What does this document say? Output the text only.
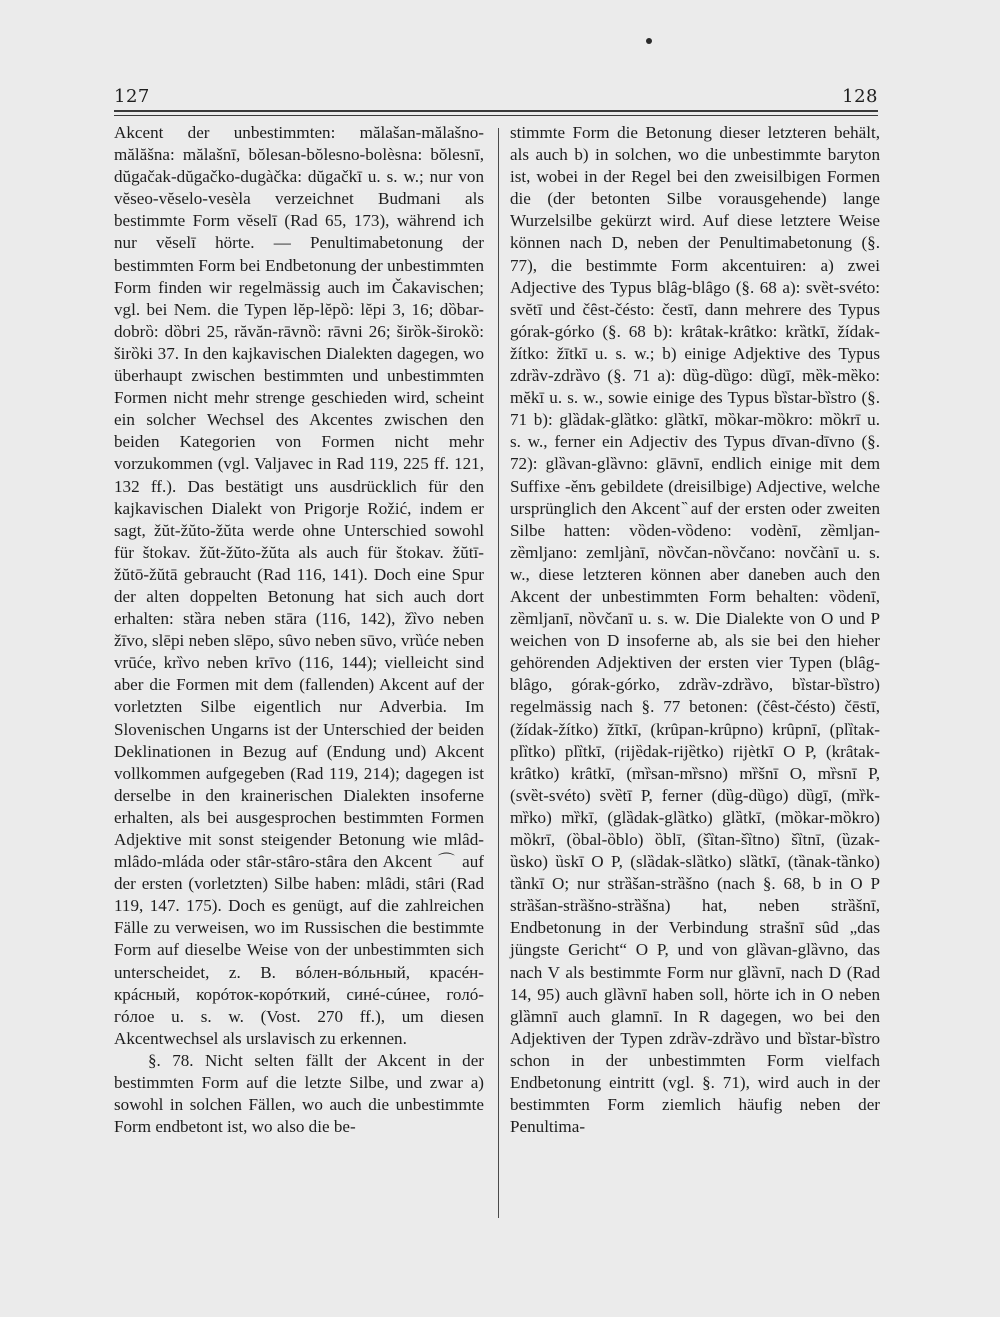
127	128

Akcent der unbestimmten: mălašan-mălašno-mălăšna: mălašnī, bŏlesan-bŏlesno-bolèsna: bŏlesnī, dŭgačak-dŭgačko-dugàčka: dŭgačkī u. s. w.; nur von vĕseo-vĕselo-vesèla verzeichnet Budmani als bestimmte Form vĕselī (Rad 65, 173), während ich nur vĕselī hörte. — Penultimabetonung der bestimmten Form bei Endbetonung der unbestimmten Form finden wir regelmässig auch im Čakavischen; vgl. bei Nem. die Typen lĕp-lĕpȍ: lĕpi 3, 16; dȍbar-dobrȍ: dȍbri 25, răvăn-rāvnȍ: rāvni 26; širȍk-širokȍ: širȍki 37. In den kajkavischen Dialekten dagegen, wo überhaupt zwischen bestimmten und unbestimmten Formen nicht mehr strenge geschieden wird, scheint ein solcher Wechsel des Akcentes zwischen den beiden Kategorien von Formen nicht mehr vorzukommen (vgl. Valjavec in Rad 119, 225 ff. 121, 132 ff.). Das bestätigt uns ausdrücklich für den kajkavischen Dialekt von Prigorje Rožić, indem er sagt, žŭt-žŭto-žŭta werde ohne Unterschied sowohl für štokav. žŭt-žŭto-žŭta als auch für štokav. žŭtī-žŭtō-žŭtā gebraucht (Rad 116, 141). Doch eine Spur der alten doppelten Betonung hat sich auch dort erhalten: stȁra neben stāra (116, 142), žȉvo neben žīvo, slēpi neben slēpo, sȗvo neben sūvo, vrȕće neben vrūće, krȉvo neben krīvo (116, 144); vielleicht sind aber die Formen mit dem (fallenden) Akcent auf der vorletzten Silbe eigentlich nur Adverbia. Im Slovenischen Ungarns ist der Unterschied der beiden Deklinationen in Bezug auf (Endung und) Akcent vollkommen aufgegeben (Rad 119, 214); dagegen ist derselbe in den krainerischen Dialekten insoferne erhalten, als bei ausgesprochen bestimmten Formen Adjektive mit sonst steigender Betonung wie mlȃd-mlȃdo-mláda oder stȃr-stȃro-stȃra den Akcent ⌒ auf der ersten (vorletzten) Silbe haben: mlȃdi, stȃri (Rad 119, 147. 175). Doch es genügt, auf die zahlreichen Fälle zu verweisen, wo im Russischen die bestimmte Form auf dieselbe Weise von der unbestimmten sich unterscheidet, z. B. вóлен-вóльный, красéн-крáсный, корóток-корóткий, синé-сúнее, голó-гóлое u. s. w. (Vost. 270 ff.), um diesen Akcentwechsel als urslavisch zu erkennen.

§. 78. Nicht selten fällt der Akcent in der bestimmten Form auf die letzte Silbe, und zwar a) sowohl in solchen Fällen, wo auch die unbestimmte Form endbetont ist, wo also die be-

stimmte Form die Betonung dieser letzteren behält, als auch b) in solchen, wo die unbestimmte baryton ist, wobei in der Regel bei den zweisilbigen Formen die (der betonten Silbe vorausgehende) lange Wurzelsilbe gekürzt wird. Auf diese letztere Weise können nach D, neben der Penultimabetonung (§. 77), die bestimmte Form akcentuiren: a) zwei Adjective des Typus blȃg-blȃgo (§. 68 a): svȅt-svéto: svĕtī und čȇst-čésto: čestī, dann mehrere des Typus górak-górko (§. 68 b): krȃtak-krȃtko: krȁtkī, žídak-žítko: žītkī u. s. w.; b) einige Adjektive des Typus zdrȁv-zdrȁvo (§. 71 a): dȕg-dȕgo: dȕgī, mȅk-mȅko: mĕkī u. s. w., sowie einige des Typus bȉstar-bȉstro (§. 71 b): glȁdak-glȁtko: glȁtkī, mȍkar-mȍkro: mȍkrī u. s. w., ferner ein Adjectiv des Typus dīvan-dīvno (§. 72): glȁvan-glȁvno: glāvnī, endlich einige mit dem Suffixe -ěnъ gebildete (dreisilbige) Adjective, welche ursprünglich den Akcent ̏ auf der ersten oder zweiten Silbe hatten: vȍden-vȍdeno: vodènī, zȅmljan-zȅmljano: zemljànī, nȍvčan-nȍvčano: novčànī u. s. w., diese letzteren können aber daneben auch den Akcent der unbestimmten Form behalten: vȍdenī, zȅmljanī, nȍvčanī u. s. w. Die Dialekte von O und P weichen von D insoferne ab, als sie bei den hieher gehörenden Adjektiven der ersten vier Typen (blȃg-blȃgo, górak-górko, zdrȁv-zdrȁvo, bȉstar-bȉstro) regelmässig nach §. 77 betonen: (čȇst-čésto) čēstī, (žídak-žítko) žītkī, (krȗpan-krȗpno) krȗpnī, (plȉtak-plȉtko) plȉtkī, (rijȅdak-rijȅtko) rijètkī O P, (krȃtak-krȃtko) krȃtkī, (mȑsan-mȑsno) mȑšnī O, mȑsnī P, (svȅt-svéto) svȅtī P, ferner (dȕg-dȕgo) dȕgī, (mȑk-mȑko) mȑkī, (glȁdak-glȁtko) glȁtkī, (mȍkar-mȍkro) mȍkrī, (ȍbal-ȍblo) ȍblī, (šȉtan-šȉtno) šȉtnī, (ȕzak-ȕsko) ȕskī O P, (slȁdak-slȁtko) slȁtkī, (tȁnak-tȁnko) tȁnkī O; nur strȁšan-strȁšno (nach §. 68, b in O P strȁšan-strȁšno-strȁšna) hat, neben strȁšnī, Endbetonung in der Verbindung strašnī sȗd „das jüngste Gericht“ O P, und von glȁvan-glȁvno, das nach V als bestimmte Form nur glȁvnī, nach D (Rad 14, 95) auch glȁvnī haben soll, hörte ich in O neben glȁmnī auch glamnī. In R dagegen, wo bei den Adjektiven der Typen zdrȁv-zdrȁvo und bȉstar-bȉstro schon in der unbestimmten Form vielfach Endbetonung eintritt (vgl. §. 71), wird auch in der bestimmten Form ziemlich häufig neben der Penultima-
